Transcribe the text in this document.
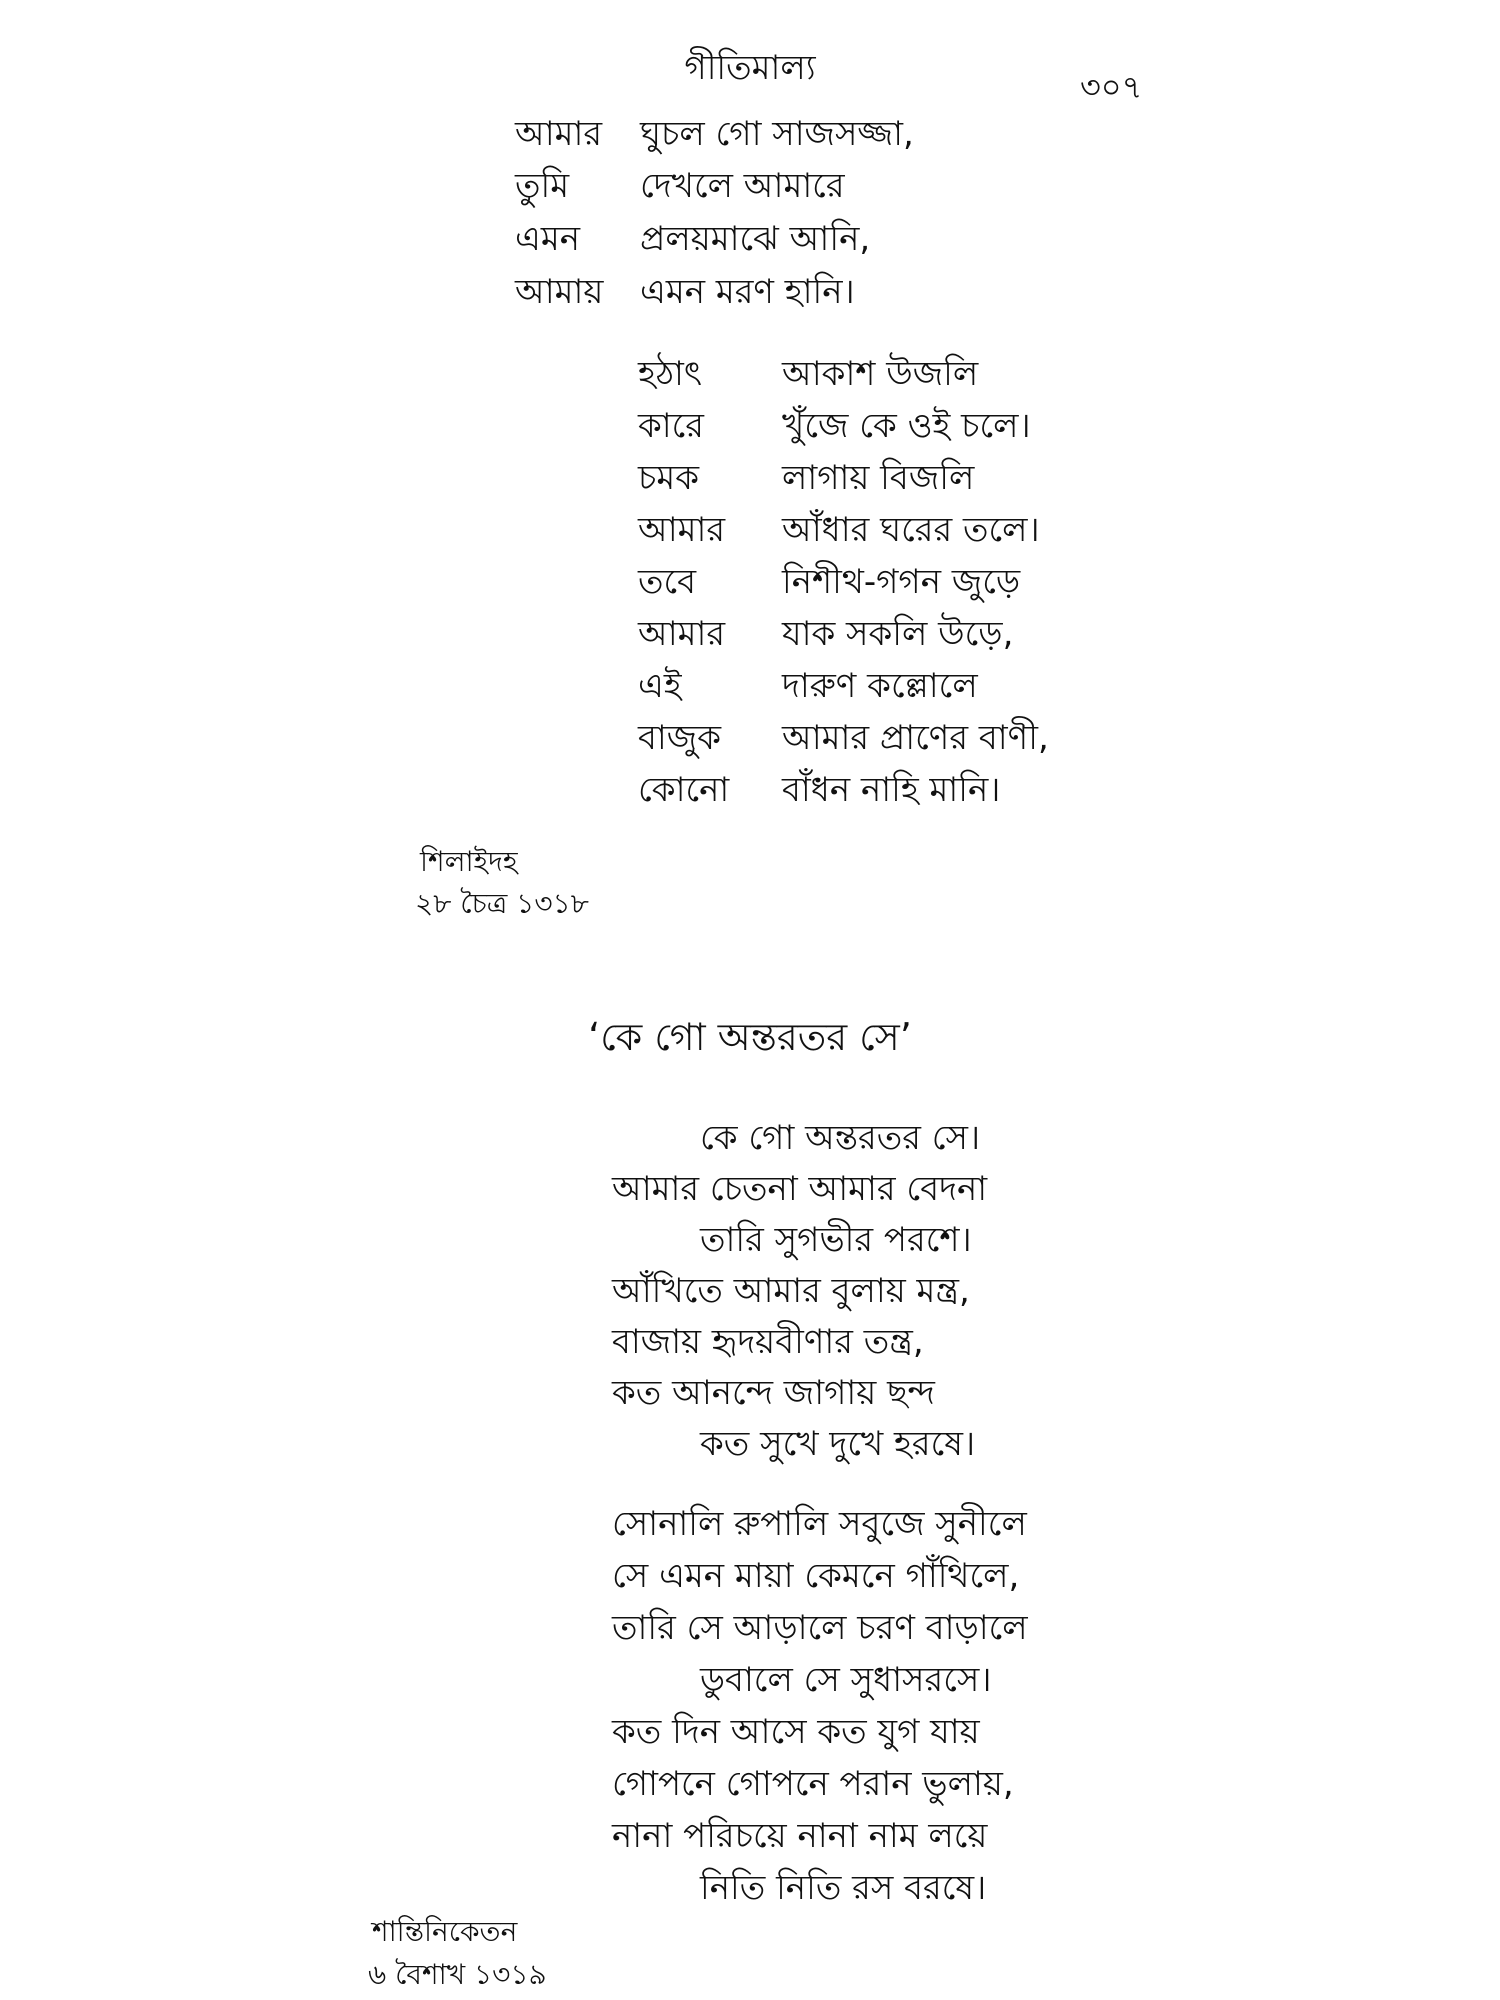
গীতিমাল্য	৩০৭
আমার ঘুচল গো সাজসজ্জা,
তুমি দেখলে আমারে
এমন প্রলয়মাঝে আনি,
আমায় এমন মরণ হানি।
হঠাৎ আকাশ উজলি
কারে খুঁজে কে ওই চলে।
চমক লাগায় বিজলি
আমার আঁধার ঘরের তলে।
তবে	নিশীথ-গগন জুড়ে
আমার যাক সকলি উড়ে,
এই	দারুণ কল্লোলে
বাজুক আমার প্রাণের বাণী,
কোনো বাঁধন নাহি মানি।
শিলাইদহ
২৮ চৈত্র ১৩১৮
‘কে গো অন্তরতর সে’
কে গো অন্তরতর সে।
আমার চেতনা আমার বেদনা
তারি সুগভীর পরশে।
আঁখিতে আমার বুলায় মন্ত্র,
বাজায় হৃদয়বীণার তন্ত্র,
কত আনন্দে জাগায় ছন্দ
কত সুখে দুখে হরষে।
সোনালি রুপালি সবুজে সুনীলে
সে এমন মায়া কেমনে গাঁথিলে,
তারি সে আড়ালে চরণ বাড়ালে
ডুবালে সে সুধাসরসে।
কত দিন আসে কত যুগ যায়
গোপনে গোপনে পরান ভুলায়,
নানা পরিচয়ে নানা নাম লয়ে
নিতি নিতি রস বরষে।
শান্তিনিকেতন
৬ বৈশাখ ১৩১৯
